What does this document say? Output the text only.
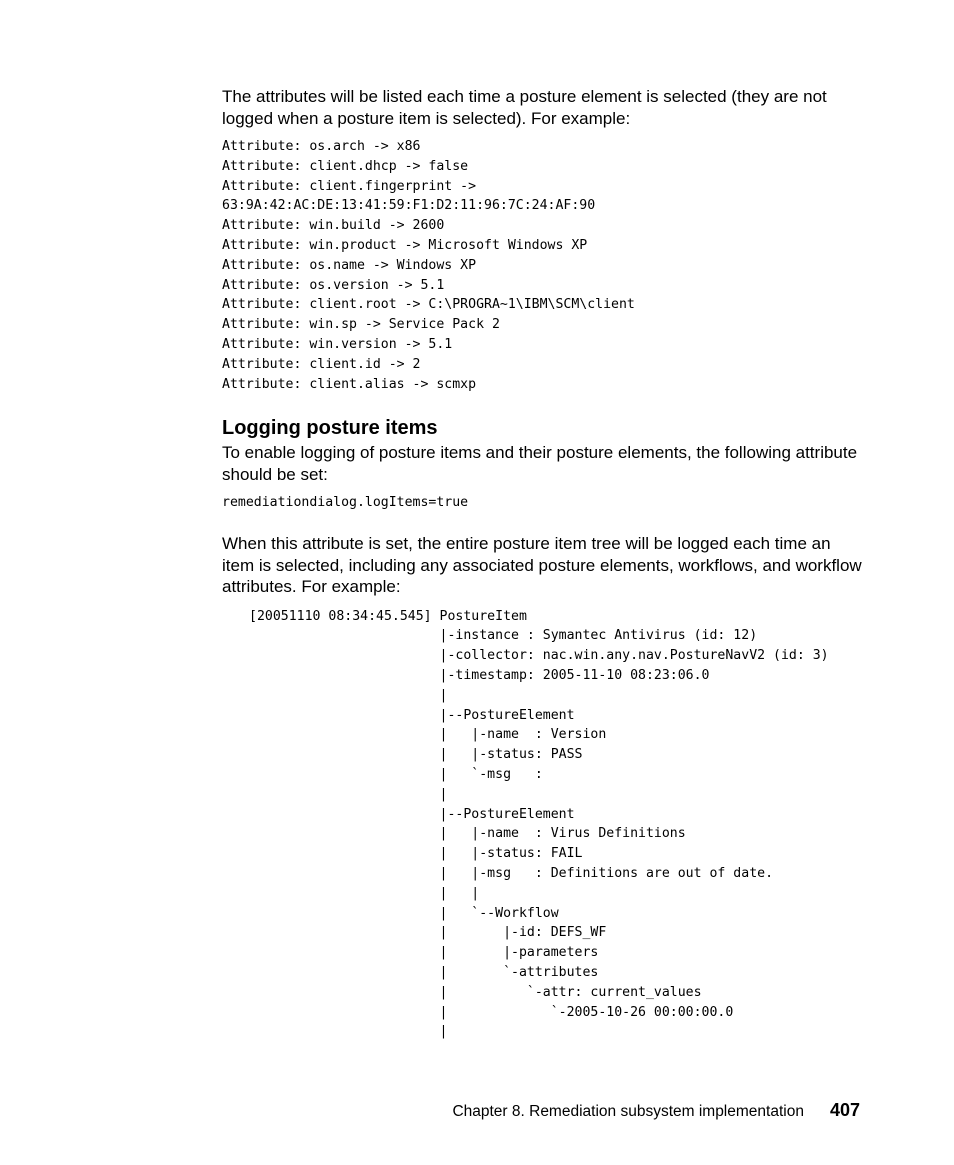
The attributes will be listed each time a posture element is selected (they are not logged when a posture item is selected). For example:

Attribute: os.arch -> x86
Attribute: client.dhcp -> false
Attribute: client.fingerprint ->
63:9A:42:AC:DE:13:41:59:F1:D2:11:96:7C:24:AF:90
Attribute: win.build -> 2600
Attribute: win.product -> Microsoft Windows XP
Attribute: os.name -> Windows XP
Attribute: os.version -> 5.1
Attribute: client.root -> C:\PROGRA~1\IBM\SCM\client
Attribute: win.sp -> Service Pack 2
Attribute: win.version -> 5.1
Attribute: client.id -> 2
Attribute: client.alias -> scmxp
Logging posture items

To enable logging of posture items and their posture elements, the following attribute should be set:

remediationdialog.logItems=true

When this attribute is set, the entire posture item tree will be logged each time an item is selected, including any associated posture elements, workflows, and workflow attributes. For example:

[20051110 08:34:45.545] PostureItem
|-instance : Symantec Antivirus (id: 12)
|-collector: nac.win.any.nav.PostureNavV2 (id: 3)
|-timestamp: 2005-11-10 08:23:06.0
|
|--PostureElement
|   |-name  : Version
|   |-status: PASS
|   `-msg   :
|
|--PostureElement
|   |-name  : Virus Definitions
|   |-status: FAIL
|   |-msg   : Definitions are out of date.
|   |
|   `--Workflow
|       |-id: DEFS_WF
|       |-parameters
|       `-attributes
|          `-attr: current_values
|             `-2005-10-26 00:00:00.0
|
Chapter 8. Remediation subsystem implementation 407
